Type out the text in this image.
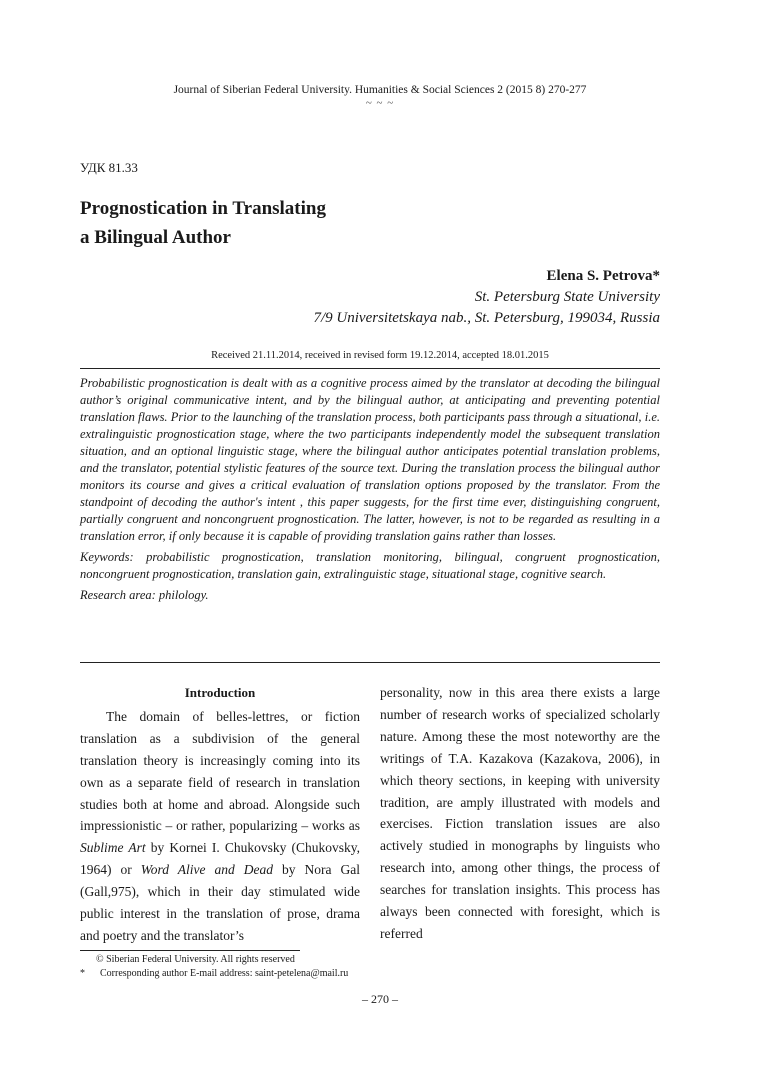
Journal of Siberian Federal University. Humanities & Social Sciences 2 (2015 8) 270-277
~ ~ ~
УДК 81.33
Prognostication in Translating
a Bilingual Author
Elena S. Petrova*
St. Petersburg State University
7/9 Universitetskaya nab., St. Petersburg, 199034, Russia
Received 21.11.2014, received in revised form 19.12.2014, accepted 18.01.2015

Probabilistic prognostication is dealt with as a cognitive process aimed by the translator at decoding the bilingual author’s original communicative intent, and by the bilingual author, at anticipating and preventing potential translation flaws. Prior to the launching of the translation process, both participants pass through a situational, i.e. extralinguistic prognostication stage, where the two participants independently model the subsequent translation situation, and an optional linguistic stage, where the bilingual author anticipates potential translation problems, and the translator, potential stylistic features of the source text. During the translation process the bilingual author monitors its course and gives a critical evaluation of translation options proposed by the translator. From the standpoint of decoding the author's intent , this paper suggests, for the first time ever, distinguishing congruent, partially congruent and noncongruent prognostication. The latter, however, is not to be regarded as resulting in a translation error, if only because it is capable of providing translation gains rather than losses.

Keywords: probabilistic prognostication, translation monitoring, bilingual, congruent prognostication, noncongruent prognostication, translation gain, extralinguistic stage, situational stage, cognitive search.

Research area: philology.

Introduction

The domain of belles-lettres, or fiction translation as a subdivision of the general translation theory is increasingly coming into its own as a separate field of research in translation studies both at home and abroad. Alongside such impressionistic – or rather, popularizing – works as Sublime Art by Kornei I. Chukovsky (Chukovsky, 1964) or Word Alive and Dead by Nora Gal (Gall,975), which in their day stimulated wide public interest in the translation of prose, drama and poetry and the translator’s

personality, now in this area there exists a large number of research works of specialized scholarly nature. Among these the most noteworthy are the writings of T.A. Kazakova (Kazakova, 2006), in which theory sections, in keeping with university tradition, are amply illustrated with models and exercises. Fiction translation issues are also actively studied in monographs by linguists who research into, among other things, the process of searches for translation insights. This process has always been connected with foresight, which is referred

© Siberian Federal University. All rights reserved
*	Corresponding author E-mail address: saint-petelena@mail.ru
– 270 –
